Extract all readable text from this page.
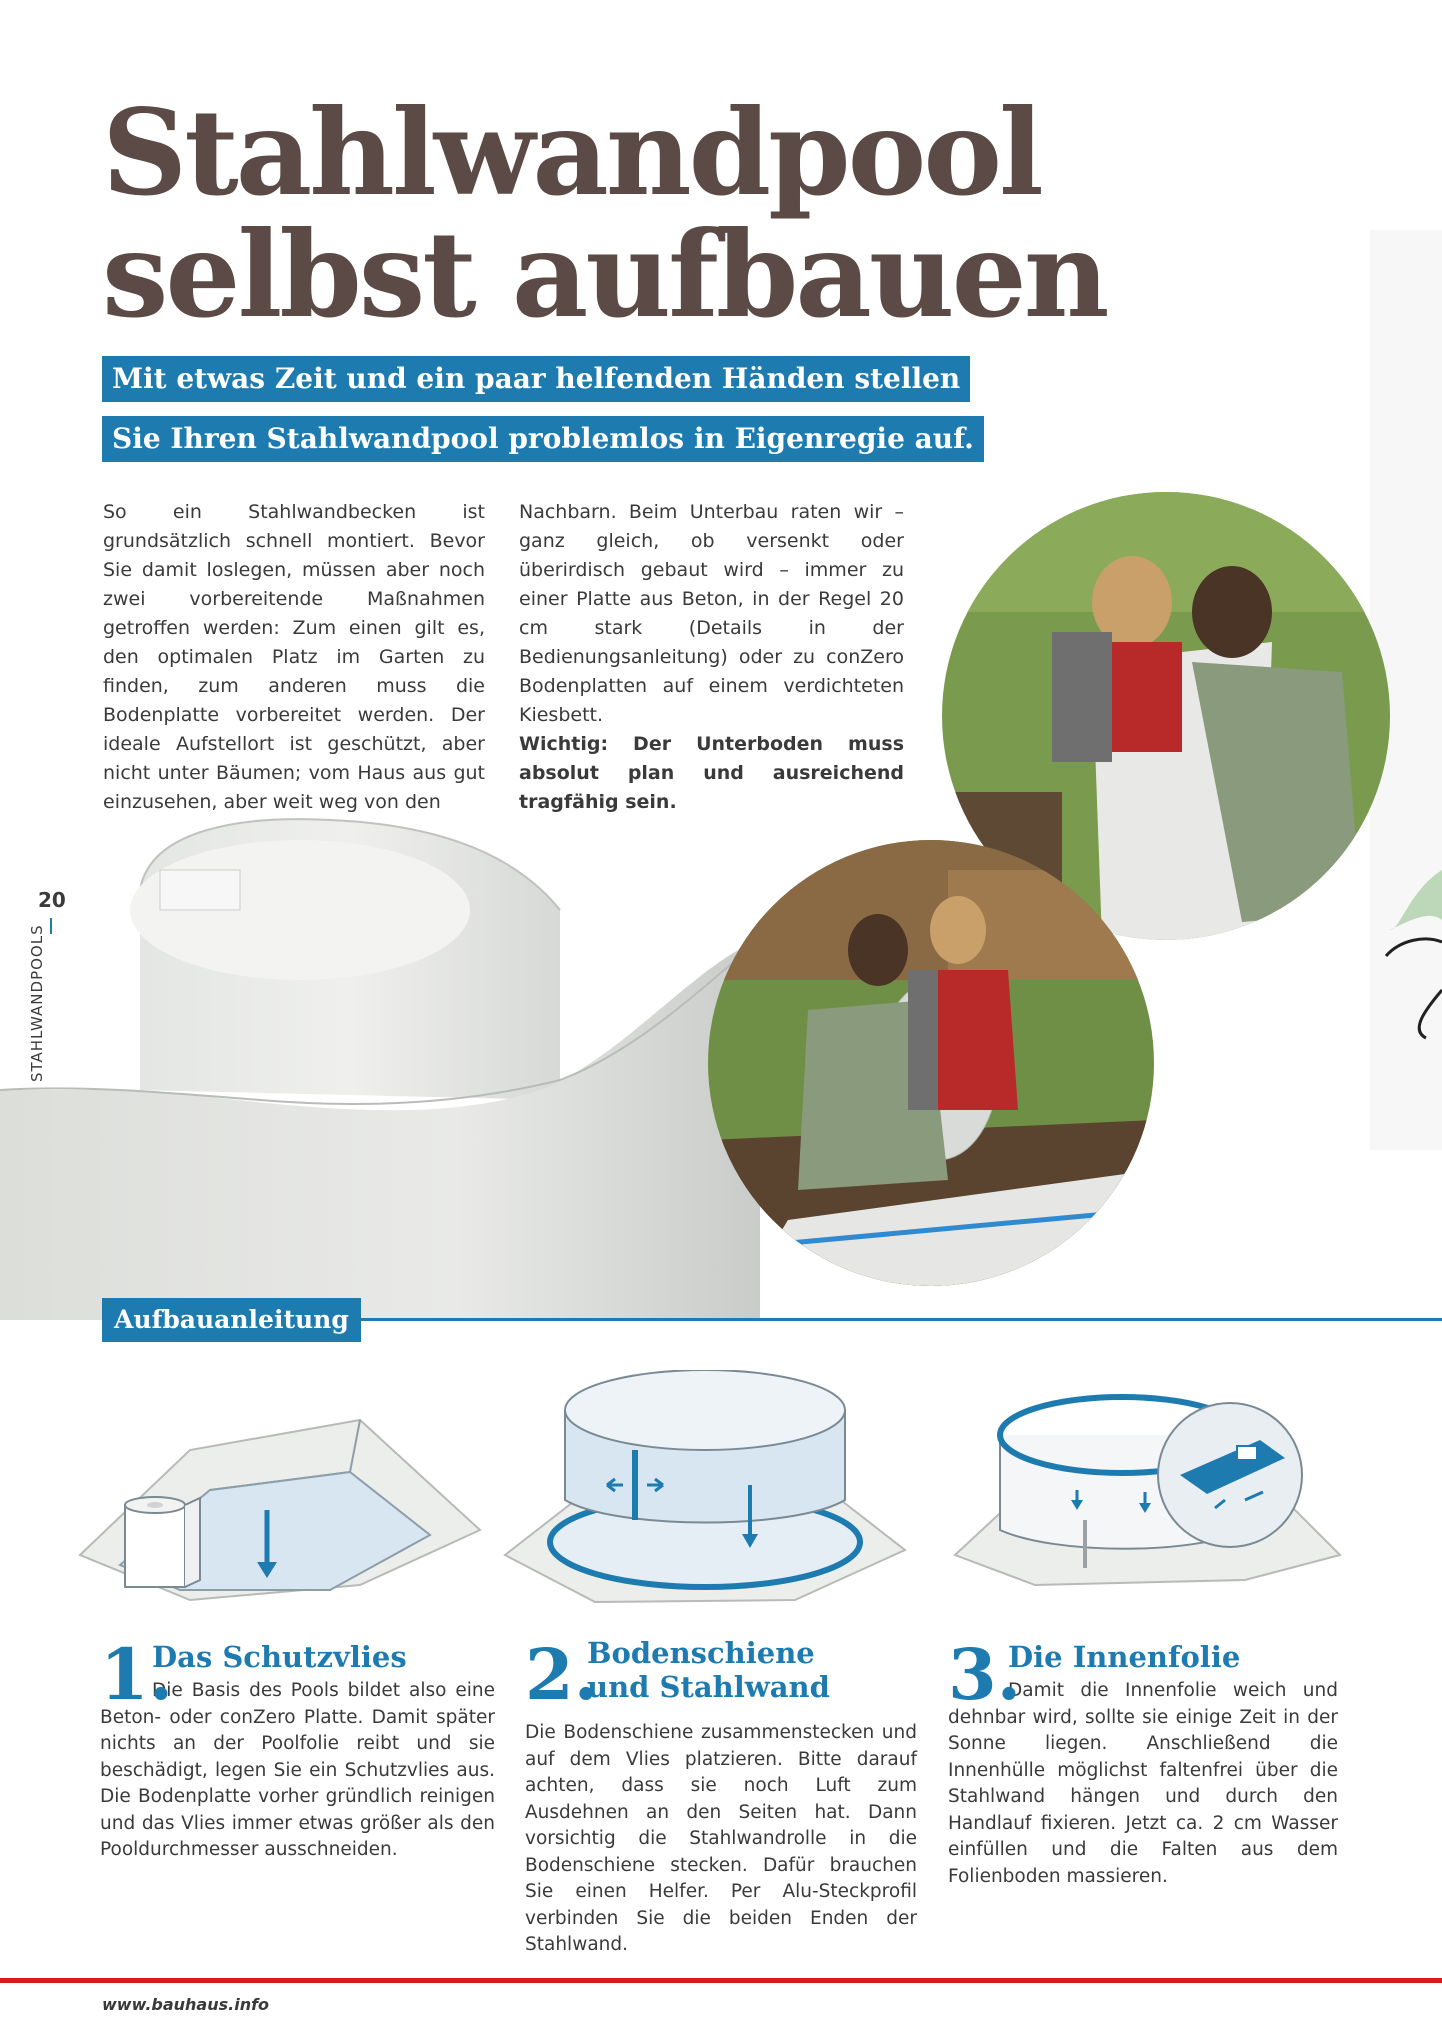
Stahlwandpool
selbst aufbauen
Mit etwas Zeit und ein paar helfenden Händen stellen
Sie Ihren Stahlwandpool problemlos in Eigenregie auf.

So ein Stahlwandbecken ist grundsätzlich schnell montiert. Bevor Sie damit loslegen, müssen aber noch zwei vorbereitende Maßnahmen getroffen werden: Zum einen gilt es, den optimalen Platz im Garten zu finden, zum anderen muss die Bodenplatte vorbereitet werden. Der ideale Aufstellort ist geschützt, aber nicht unter Bäumen; vom Haus aus gut einzusehen, aber weit weg von den

Nachbarn. Beim Unterbau raten wir – ganz gleich, ob versenkt oder überirdisch gebaut wird – immer zu einer Platte aus Beton, in der Regel 20 cm stark (Details in der Bedienungsanleitung) oder zu conZero Bodenplatten auf einem verdichteten Kiesbett.

Wichtig: Der Unterboden muss absolut plan und ausreichend tragfähig sein.

20
STAHLWANDPOOLS
Aufbauanleitung
1.
Das Schutzvlies

Die Basis des Pools bildet also eine Beton- oder conZero Platte. Damit später nichts an der Poolfolie reibt und sie beschädigt, legen Sie ein Schutzvlies aus. Die Bodenplatte vorher gründlich reinigen und das Vlies immer etwas größer als den Pooldurchmesser ausschneiden.

2.
Bodenschiene
und Stahlwand

Die Bodenschiene zusammenstecken und auf dem Vlies platzieren. Bitte darauf achten, dass sie noch Luft zum Ausdehnen an den Seiten hat. Dann vorsichtig die Stahlwandrolle in die Bodenschiene stecken. Dafür brauchen Sie einen Helfer. Per Alu-Steckprofil verbinden Sie die beiden Enden der Stahlwand.

3.
Die Innenfolie

Damit die Innenfolie weich und dehnbar wird, sollte sie einige Zeit in der Sonne liegen. Anschließend die Innenhülle möglichst faltenfrei über die Stahlwand hängen und durch den Handlauf fixieren. Jetzt ca. 2 cm Wasser einfüllen und die Falten aus dem Folienboden massieren.

www.bauhaus.info
